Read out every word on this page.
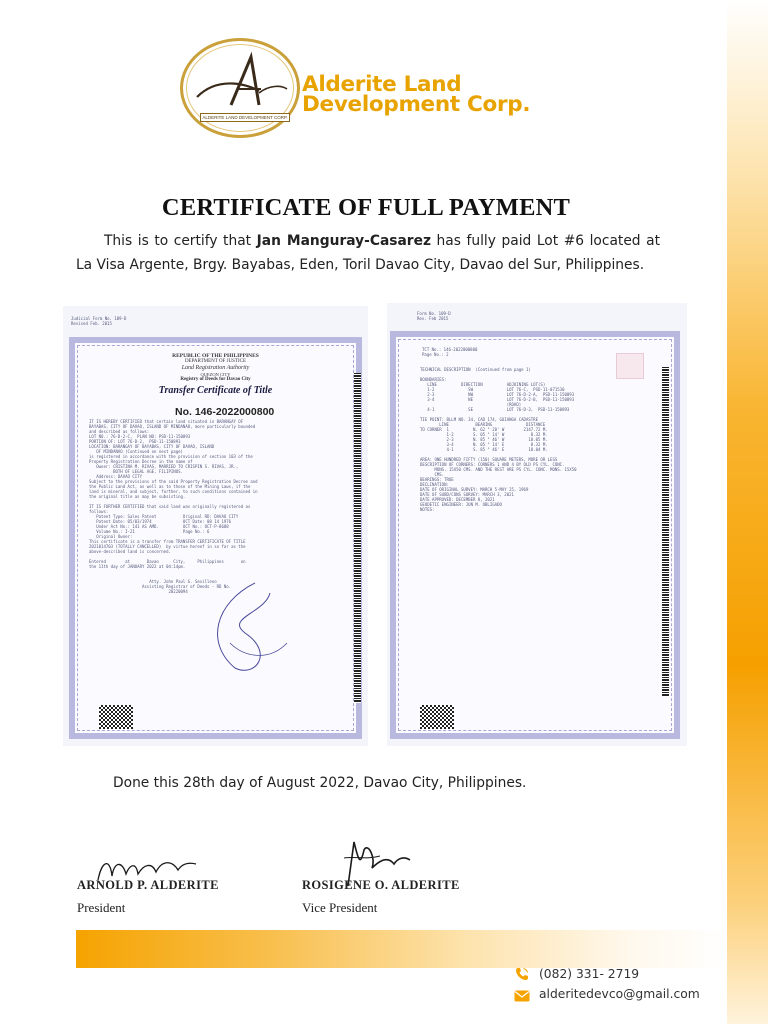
ALDERITE LAND DEVELOPMENT CORP.
Alderite Land
Development Corp.
CERTIFICATE OF FULL PAYMENT

This is to certify that Jan Manguray-Casarez has fully paid Lot #6 located at La Visa Argente, Brgy. Bayabas, Eden, Toril Davao City, Davao del Sur, Philippines.

Judicial Form No. 109-D
Revised Feb. 2015
REPUBLIC OF THE PHILIPPINES
DEPARTMENT OF JUSTICE
Land Registration Authority
QUEZON CITY
Registry of Deeds for Davao City
Transfer Certificate of Title
No. 146-2022000800
IT IS HEREBY CERTIFIED that certain land situated in BARANGAY OF
BAYABAS, CITY OF DAVAO, ISLAND OF MINDANAO, more particularly bounded
and described as follows:
LOT NO.: 76-D-2-C,  PLAN NO: PSD-11-150893
PORTION OF: LOT 76-D-2,  PSD-11-150893
LOCATION: BARANGAY OF BAYABAS, CITY OF DAVAO, ISLAND
OF MINDANAO (Continued on next page)
is registered in accordance with the provision of section 103 of the
Property Registration Decree in the name of
Owner: CRISTINA M. RIVAS, MARRIED TO CRISPIN S. RIVAS, JR.,
BOTH OF LEGAL AGE, FILIPINOS.
Address: DAVAO CITY
Subject to the provisions of the said Property Registration Decree and
the Public Land Act, as well as to those of the Mining Laws, if the
land is mineral, and subject, further, to such conditions contained in
the original title as may be subsisting.

IT IS FURTHER CERTIFIED that said land was originally registered as
follows:
Patent Type: Sales Patent           Original RD: DAVAO CITY
Patent Date: 05/03/1974             OCT Date: 08 14 1976
Under Act No.: 141 AS AMD.          OCT No.: OCT-P-8688
Volume No.: I-21                    Page No.: 6
Original Owner:
This certificate is a transfer from TRANSFER CERTIFICATE OF TITLE
2021014703 (TOTALLY CANCELLED)  by virtue hereof in so far as the
above-described land is concerned.

Entered        at       Davao      City,     Philippines       on
the 11th day of JANUARY 2022 at 04:14pm.

Atty. John Paul G. Sevilleno
Assisting Registrar of Deeds - RD No.
20220094
Form No. 109-D
Rev. Feb 2015
TCT No.: 146-2022000800
Page No.: 2
TECHNICAL DESCRIPTION  (Continued from page 1)

BOUNDARIES:
LINE          DIRECTION          ADJOINING LOT(S)
1-2              SW              LOT 76-C,  PSD-11-071530
2-3              NW              LOT 76-D-2-A,  PSD-11-150893
3-4              NE              LOT 76-D-2-B,  PSD-11-150893
(ROAD)
4-1              SE              LOT 76-D-3,  PSD-11-150893

TIE POINT: BLLM NO. 34, CAD 174, GUIANGA CADASTRE
LINE           BEARING              DISTANCE
TO CORNER  1          N. 62 ° 28' W        2147.72 M.
1-2        S. 05 ° 14' W           8.32 M.
2-3        N. 85 ° 46' W          18.05 M.
3-4        N. 05 ° 14' E           8.32 M.
4-1        S. 85 ° 46' E          18.04 M.

AREA: ONE HUNDRED FIFTY (150) SQUARE METERS, MORE OR LESS
DESCRIPTION OF CORNERS: CORNERS 1 AND 4 BY OLD PS CYL. CONC.
MONS. 15X50 CMS. AND THE REST ARE PS CYL. CONC. MONS. 15X50
CMS.
BEARINGS: TRUE
DECLINATION:
DATE OF ORIGINAL SURVEY: MARCH 5-MAY 25, 1969
DATE OF SUBD/CONS SURVEY: MARCH 3, 2021
DATE APPROVED: DECEMBER 8, 2021
GEODETIC ENGINEER: JUN M. OBLIGADO
NOTES:
Done this 28th day of August 2022, Davao City, Philippines.
ARNOLD P. ALDERITE
President
ROSIGENE O. ALDERITE
Vice President
(082) 331- 2719
alderitedevco@gmail.com
